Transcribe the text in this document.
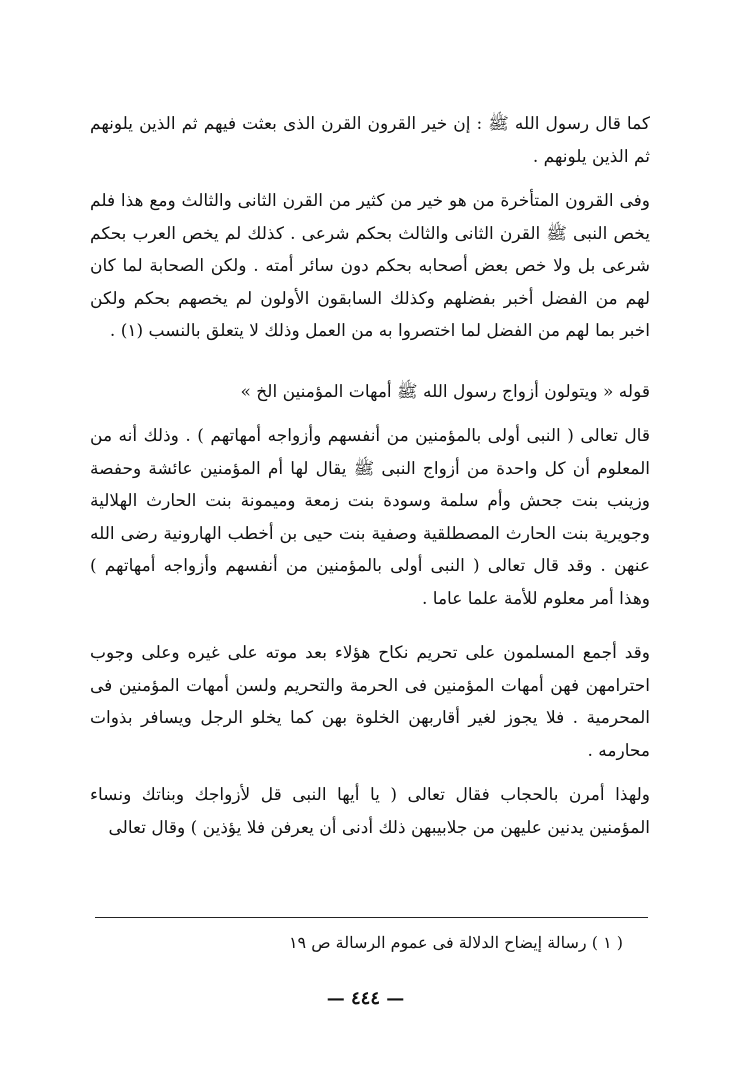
كما قال رسول الله ﷺ : إن خير القرون القرن الذى بعثت فيهم ثم الذين يلونهم ثم الذين يلونهم .

وفى القرون المتأخرة من هو خير من كثير من القرن الثانى والثالث ومع هذا فلم يخص النبى ﷺ القرن الثانى والثالث بحكم شرعى . كذلك لم يخص العرب بحكم شرعى بل ولا خص بعض أصحابه بحكم دون سائر أمته . ولكن الصحابة لما كان لهم من الفضل أخبر بفضلهم وكذلك السابقون الأولون لم يخصهم بحكم ولكن اخبر بما لهم من الفضل لما اختصروا به من العمل وذلك لا يتعلق بالنسب (١) .

قوله « ويتولون أزواج رسول الله ﷺ أمهات المؤمنين الخ »

قال تعالى ( النبى أولى بالمؤمنين من أنفسهم وأزواجه أمهاتهم ) . وذلك أنه من المعلوم أن كل واحدة من أزواج النبى ﷺ يقال لها أم المؤمنين عائشة وحفصة وزينب بنت جحش وأم سلمة وسودة بنت زمعة وميمونة بنت الحارث الهلالية وجويرية بنت الحارث المصطلقية وصفية بنت حيى بن أخطب الهارونية رضى الله عنهن . وقد قال تعالى ( النبى أولى بالمؤمنين من أنفسهم وأزواجه أمهاتهم ) وهذا أمر معلوم للأمة علما عاما .

وقد أجمع المسلمون على تحريم نكاح هؤلاء بعد موته على غيره وعلى وجوب احترامهن فهن أمهات المؤمنين فى الحرمة والتحريم ولسن أمهات المؤمنين فى المحرمية . فلا يجوز لغير أقاربهن الخلوة بهن كما يخلو الرجل ويسافر بذوات محارمه .

ولهذا أمرن بالحجاب فقال تعالى ( يا أيها النبى قل لأزواجك وبناتك ونساء المؤمنين يدنين عليهن من جلابيبهن ذلك أدنى أن يعرفن فلا يؤذين ) وقال تعالى

( ١ ) رسالة إيضاح الدلالة فى عموم الرسالة ص ١٩
— ٤٤٤ —
